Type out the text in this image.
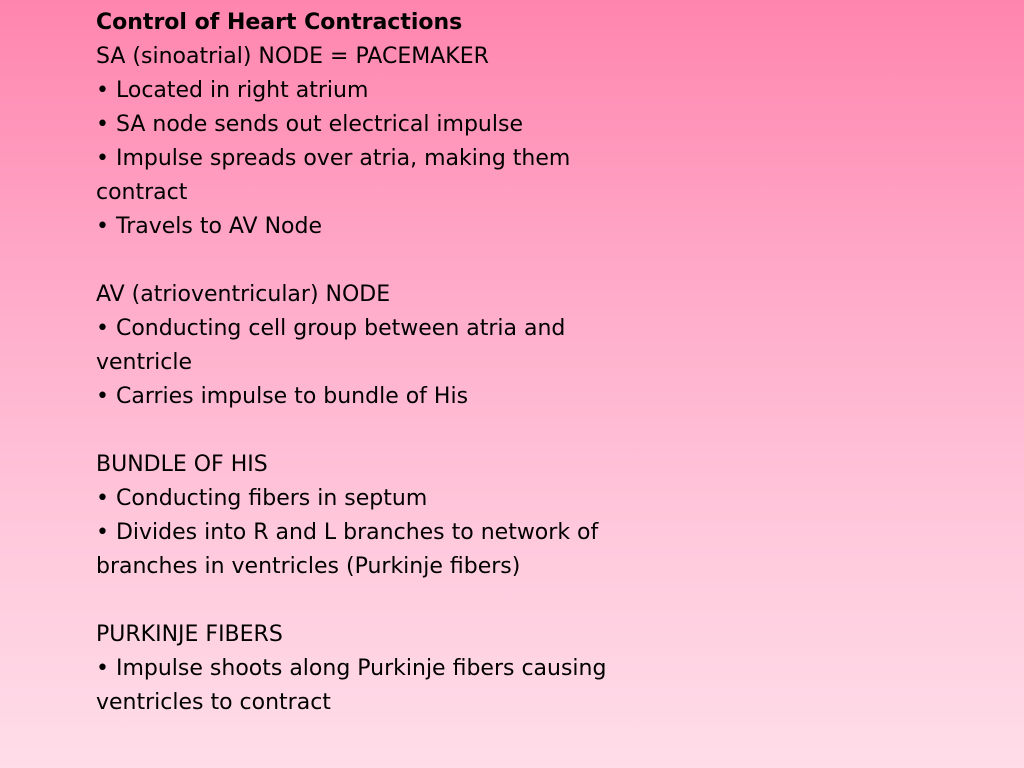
Control of Heart Contractions

SA (sinoatrial) NODE = PACEMAKER

• Located in right atrium

• SA node sends out electrical impulse

• Impulse spreads over atria, making them contract

• Travels to AV Node

AV (atrioventricular) NODE

• Conducting cell group between atria and ventricle

• Carries impulse to bundle of His

BUNDLE OF HIS

• Conducting fibers in septum

• Divides into R and L branches to network of branches in ventricles (Purkinje fibers)

PURKINJE FIBERS

• Impulse shoots along Purkinje fibers causing ventricles to contract
